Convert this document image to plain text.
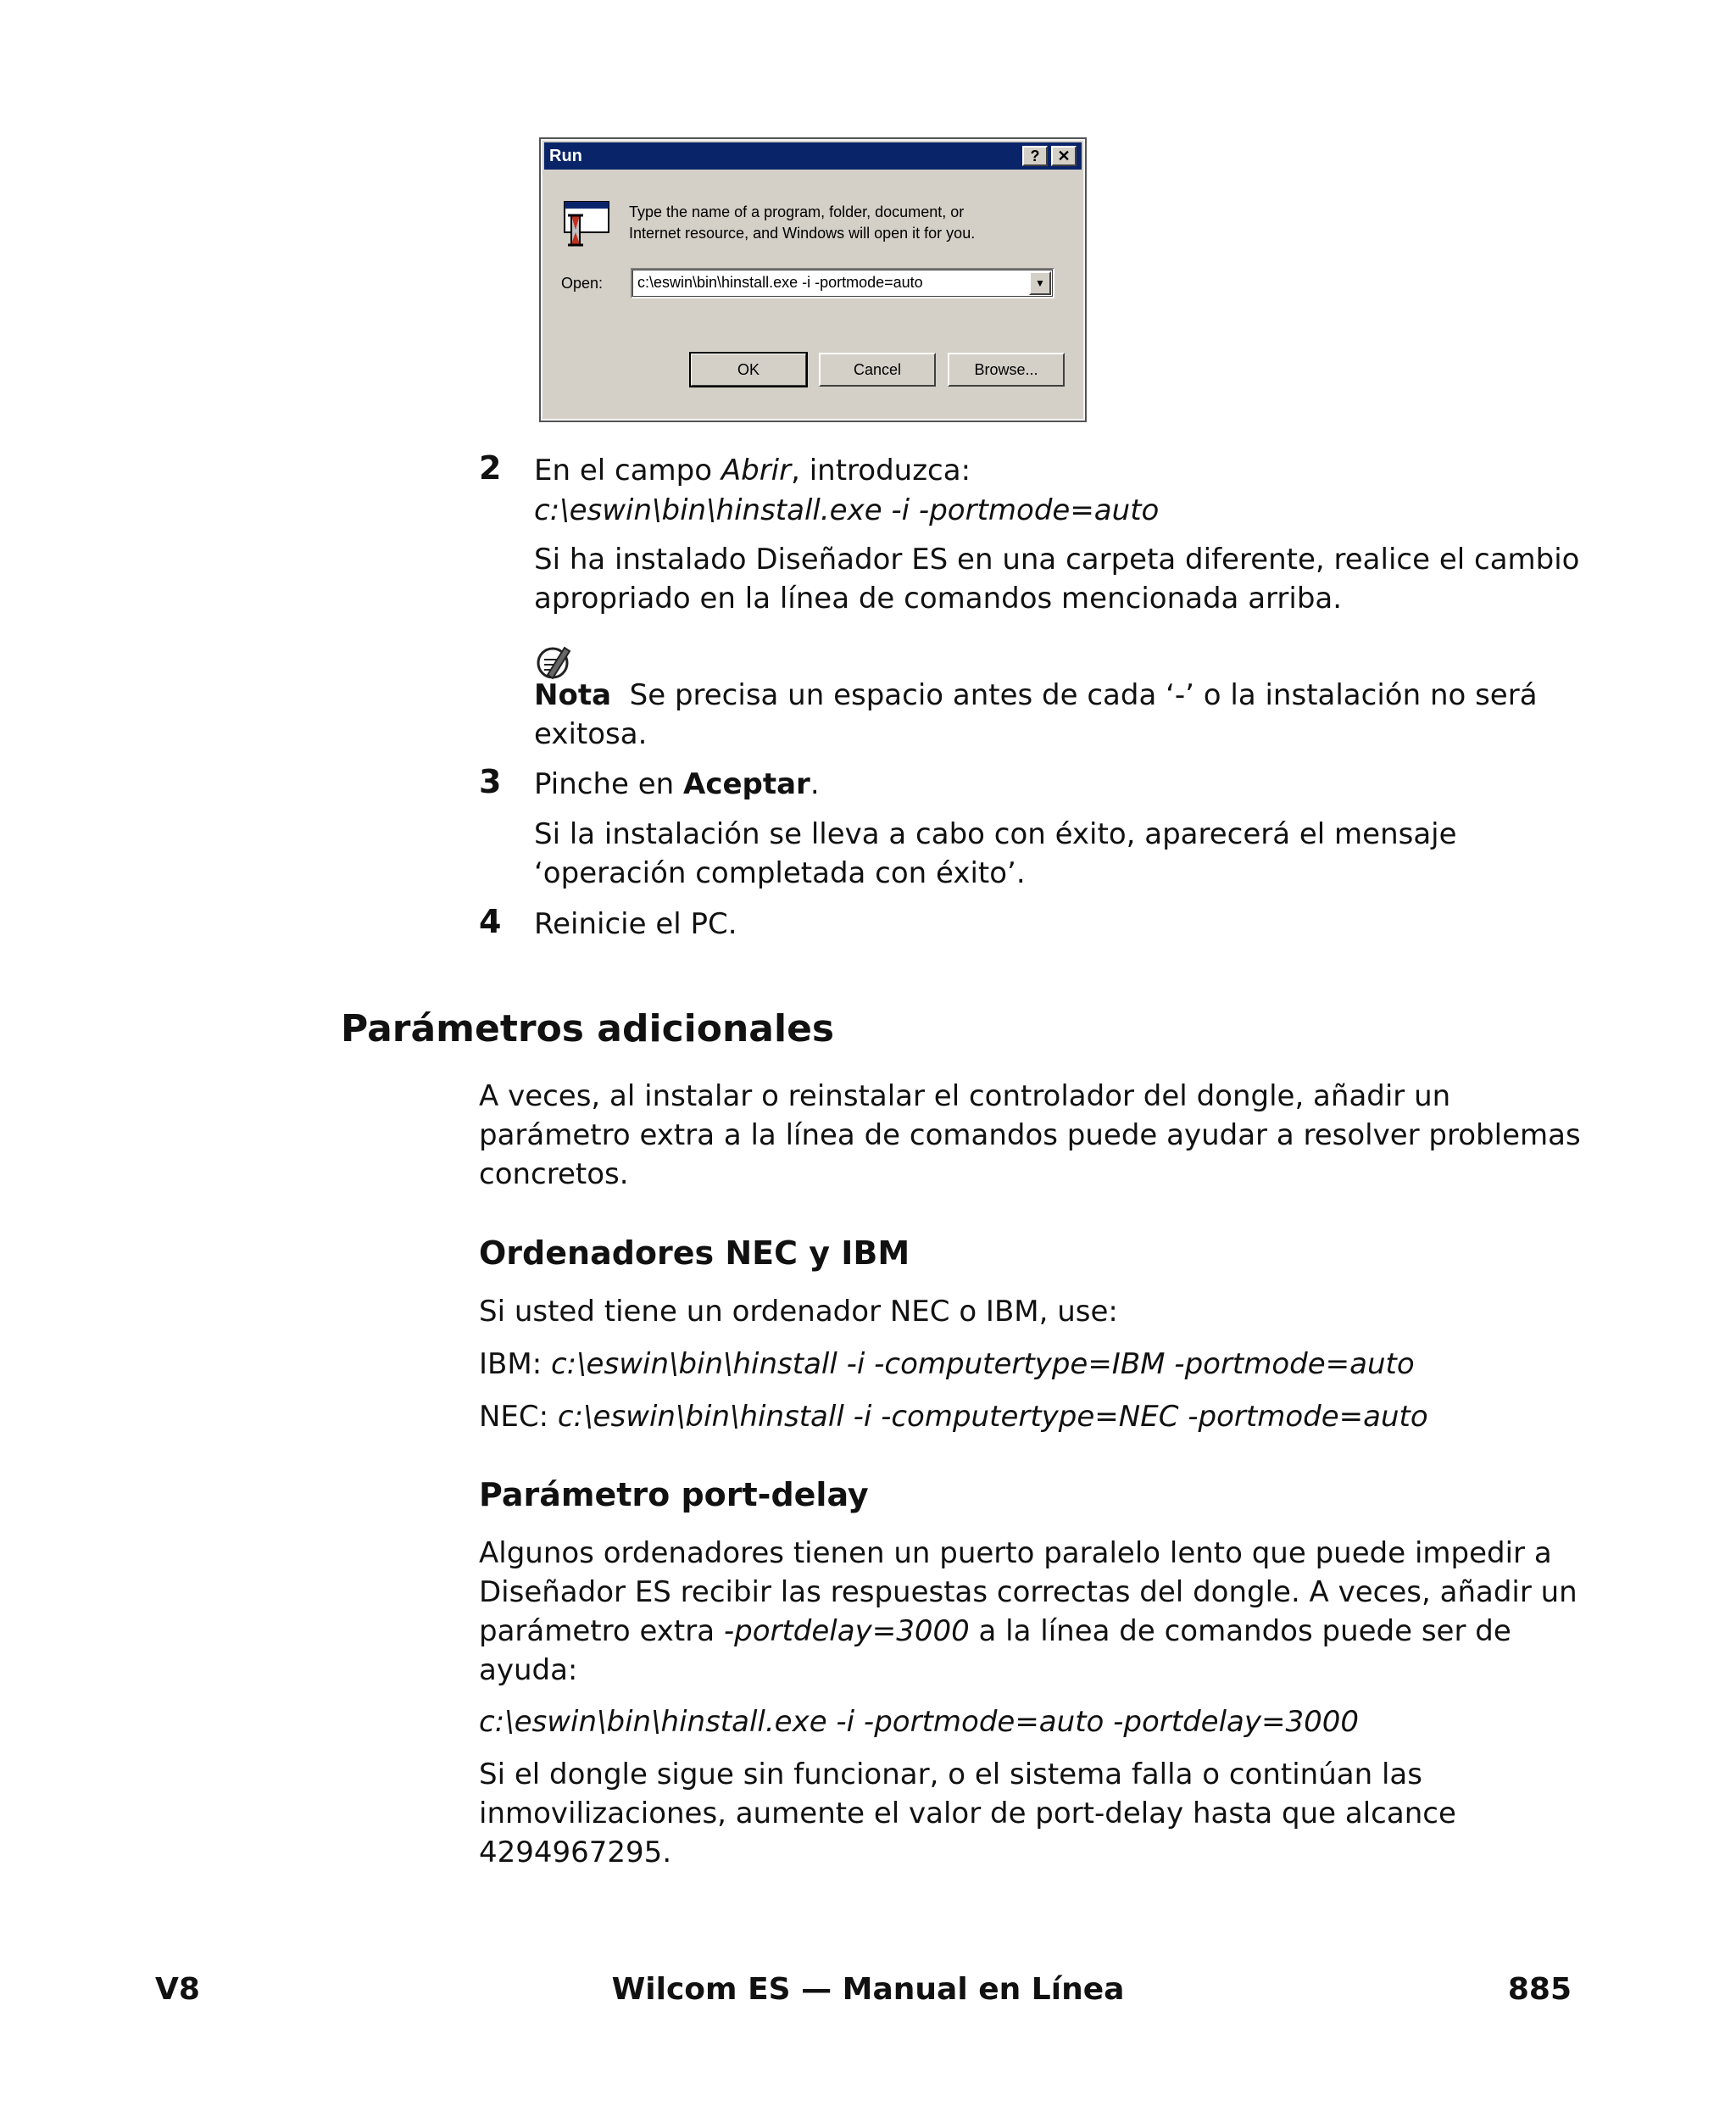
Run	?	✕
Type the name of a program, folder, document, or
Internet resource, and Windows will open it for you.
Open: c:\eswin\bin\hinstall.exe -i -portmode=auto	▼
OK	Cancel	Browse...
2 En el campo Abrir, introduzca:

c:\eswin\bin\hinstall.exe -i -portmode=auto

Si ha instalado Diseñador ES en una carpeta diferente, realice el cambio

apropriado en la línea de comandos mencionada arriba.

Nota Se precisa un espacio antes de cada ‘-’ o la instalación no será

exitosa.

3 Pinche en Aceptar.

Si la instalación se lleva a cabo con éxito, aparecerá el mensaje

‘operación completada con éxito’.

4 Reinicie el PC.

Parámetros adicionales

A veces, al instalar o reinstalar el controlador del dongle, añadir un

parámetro extra a la línea de comandos puede ayudar a resolver problemas

concretos.

Ordenadores NEC y IBM

Si usted tiene un ordenador NEC o IBM, use:

IBM: c:\eswin\bin\hinstall -i -computertype=IBM -portmode=auto

NEC: c:\eswin\bin\hinstall -i -computertype=NEC -portmode=auto

Parámetro port-delay

Algunos ordenadores tienen un puerto paralelo lento que puede impedir a

Diseñador ES recibir las respuestas correctas del dongle. A veces, añadir un

parámetro extra -portdelay=3000 a la línea de comandos puede ser de

ayuda:

c:\eswin\bin\hinstall.exe -i -portmode=auto -portdelay=3000

Si el dongle sigue sin funcionar, o el sistema falla o continúan las

inmovilizaciones, aumente el valor de port-delay hasta que alcance

4294967295.

V8	Wilcom ES — Manual en Línea	885
